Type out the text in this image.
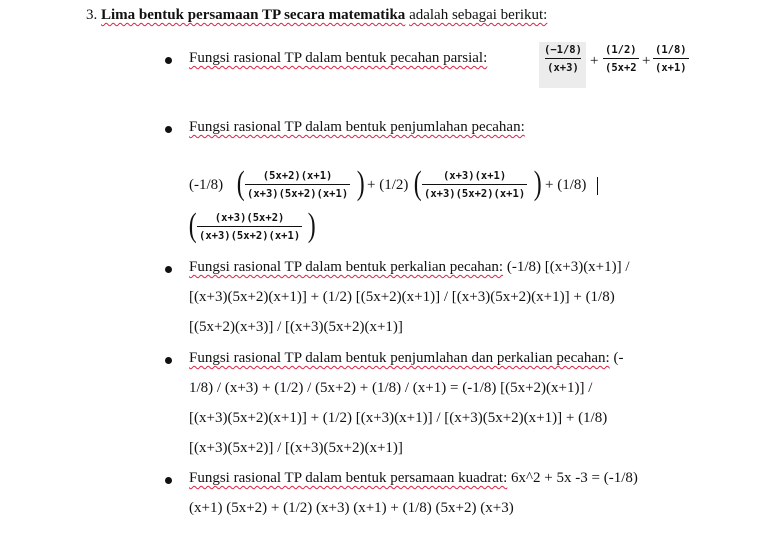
3. Lima bentuk persamaan TP secara matematika adalah sebagai berikut:
Fungsi rasional TP dalam bentuk pecahan parsial:	$\frac{(-1/8)}{(x+3)} + \frac{(1/2)}{(5x+2} + \frac{(1/8)}{(x+1)}$
Fungsi rasional TP dalam bentuk penjumlahan pecahan:
(-1/8) ( $\frac{(5x+2)(x+1)}{(x+3)(5x+2)(x+1)}$ ) + (1/2) ( $\frac{(x+3)(x+1)}{(x+3)(5x+2)(x+1)}$ ) + (1/8)
( $\frac{(x+3)(5x+2)}{(x+3)(5x+2)(x+1)}$ )
Fungsi rasional TP dalam bentuk perkalian pecahan: (-1/8) [(x+3)(x+1)] /
[(x+3)(5x+2)(x+1)] + (1/2) [(5x+2)(x+1)] / [(x+3)(5x+2)(x+1)] + (1/8)
[(5x+2)(x+3)] / [(x+3)(5x+2)(x+1)]
Fungsi rasional TP dalam bentuk penjumlahan dan perkalian pecahan: (-
1/8) / (x+3) + (1/2) / (5x+2) + (1/8) / (x+1) = (-1/8) [(5x+2)(x+1)] /
[(x+3)(5x+2)(x+1)] + (1/2) [(x+3)(x+1)] / [(x+3)(5x+2)(x+1)] + (1/8)
[(x+3)(5x+2)] / [(x+3)(5x+2)(x+1)]
Fungsi rasional TP dalam bentuk persamaan kuadrat: 6x^2 + 5x -3 = (-1/8)
(x+1) (5x+2) + (1/2) (x+3) (x+1) + (1/8) (5x+2) (x+3)
